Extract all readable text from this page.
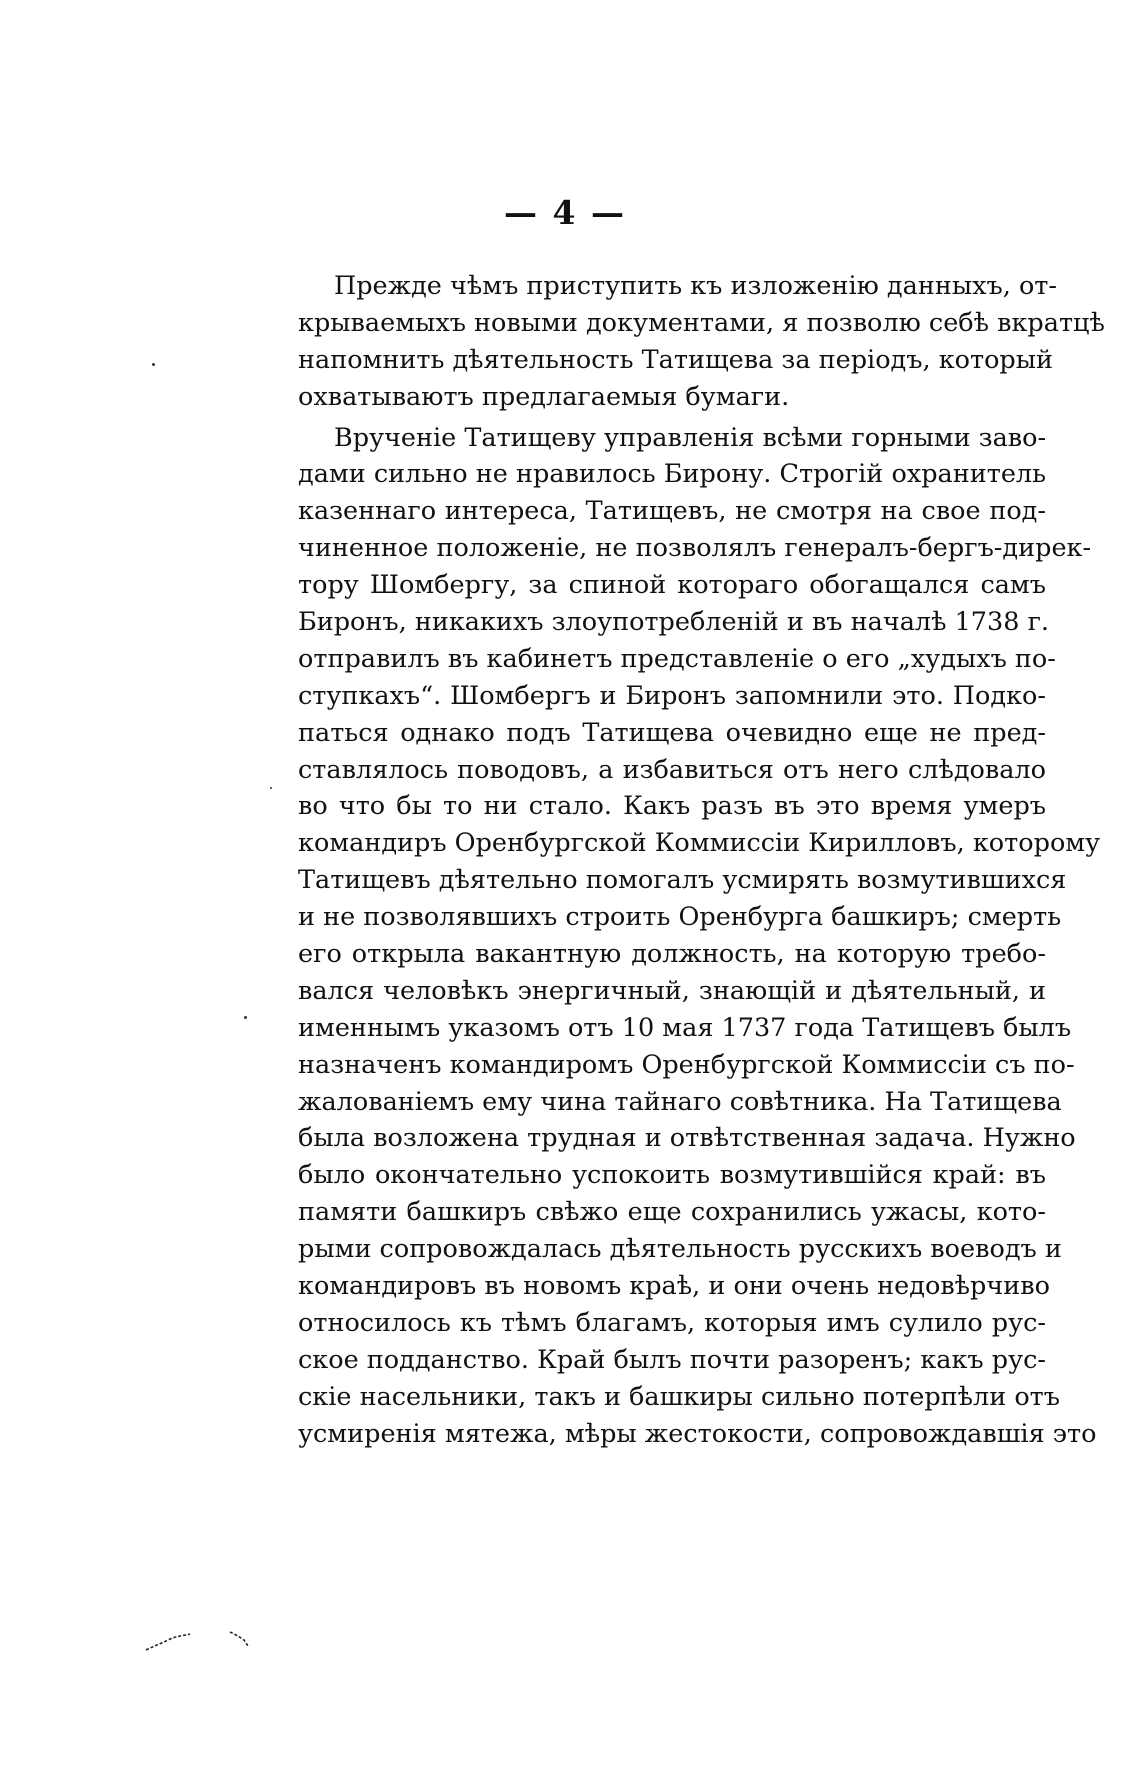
— 4 —
Прежде чѣмъ приступить къ изложенію данныхъ, от-
крываемыхъ новыми документами, я позволю себѣ вкратцѣ
напомнить дѣятельность Татищева за періодъ, который
охватываютъ предлагаемыя бумаги.
Врученіе Татищеву управленія всѣми горными заво-
дами сильно не нравилось Бирону. Строгій охранитель
казеннаго интереса, Татищевъ, не смотря на свое под-
чиненное положеніе, не позволялъ генералъ-бергъ-дирек-
тору Шомбергу, за спиной котораго обогащался самъ
Биронъ, никакихъ злоупотребленій и въ началѣ 1738 г.
отправилъ въ кабинетъ представленіе о его „худыхъ по-
ступкахъ“. Шомбергъ и Биронъ запомнили это. Подко-
паться однако подъ Татищева очевидно еще не пред-
ставлялось поводовъ, а избавиться отъ него слѣдовало
во что бы то ни стало. Какъ разъ въ это время умеръ
командиръ Оренбургской Коммиссіи Кирилловъ, которому
Татищевъ дѣятельно помогалъ усмирять возмутившихся
и не позволявшихъ строить Оренбурга башкиръ; смерть
его открыла вакантную должность, на которую требо-
вался человѣкъ энергичный, знающій и дѣятельный, и
именнымъ указомъ отъ 10 мая 1737 года Татищевъ былъ
назначенъ командиромъ Оренбургской Коммиссіи съ по-
жалованіемъ ему чина тайнаго совѣтника. На Татищева
была возложена трудная и отвѣтственная задача. Нужно
было окончательно успокоить возмутившійся край: въ
памяти башкиръ свѣжо еще сохранились ужасы, кото-
рыми сопровождалась дѣятельность русскихъ воеводъ и
командировъ въ новомъ краѣ, и они очень недовѣрчиво
относилось къ тѣмъ благамъ, которыя имъ сулило рус-
ское подданство. Край былъ почти разоренъ; какъ рус-
скіе насельники, такъ и башкиры сильно потерпѣли отъ
усмиренія мятежа, мѣры жестокости, сопровождавшія это
